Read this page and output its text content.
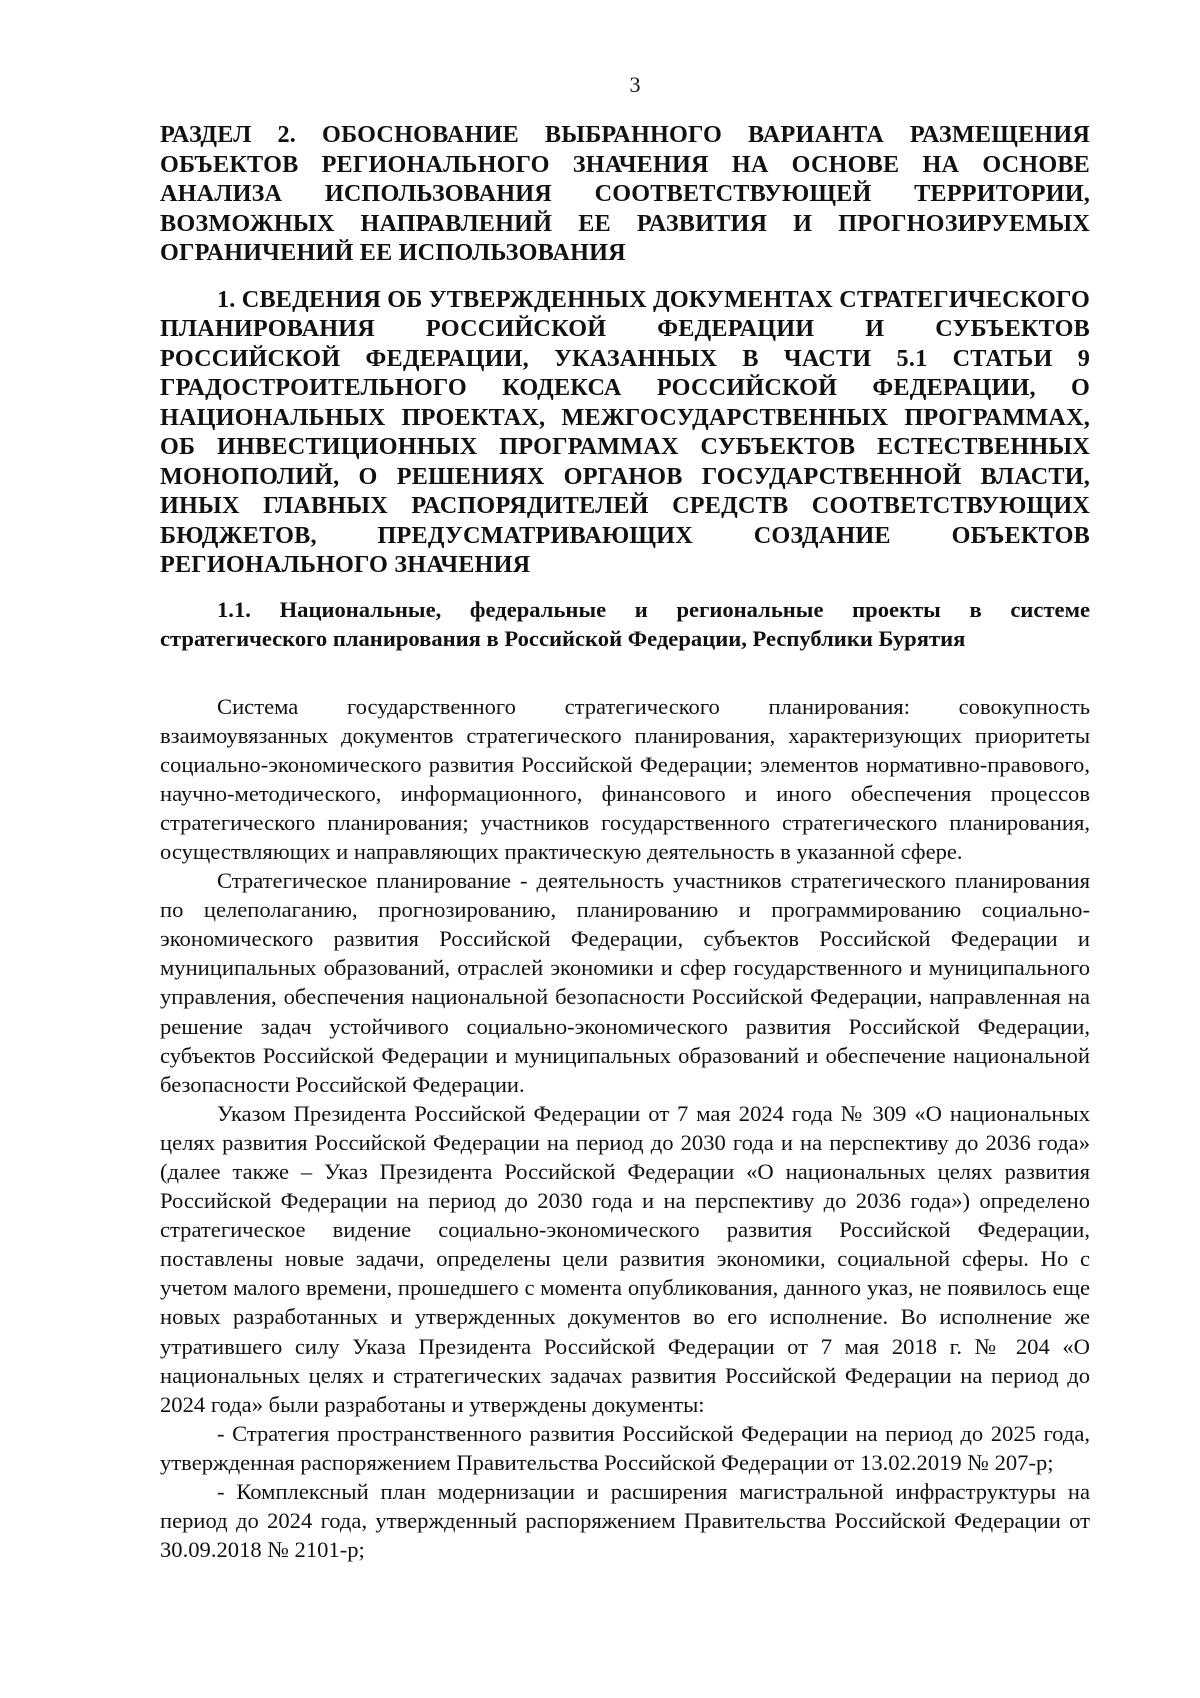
3
РАЗДЕЛ 2. ОБОСНОВАНИЕ ВЫБРАННОГО ВАРИАНТА РАЗМЕЩЕНИЯ ОБЪЕКТОВ РЕГИОНАЛЬНОГО ЗНАЧЕНИЯ НА ОСНОВЕ НА ОСНОВЕ АНАЛИЗА ИСПОЛЬЗОВАНИЯ СООТВЕТСТВУЮЩЕЙ ТЕРРИТОРИИ, ВОЗМОЖНЫХ НАПРАВЛЕНИЙ ЕЕ РАЗВИТИЯ И ПРОГНОЗИРУЕМЫХ ОГРАНИЧЕНИЙ ЕЕ ИСПОЛЬЗОВАНИЯ
1. СВЕДЕНИЯ ОБ УТВЕРЖДЕННЫХ ДОКУМЕНТАХ СТРАТЕГИЧЕСКОГО ПЛАНИРОВАНИЯ РОССИЙСКОЙ ФЕДЕРАЦИИ И СУБЪЕКТОВ РОССИЙСКОЙ ФЕДЕРАЦИИ, УКАЗАННЫХ В ЧАСТИ 5.1 СТАТЬИ 9 ГРАДОСТРОИТЕЛЬНОГО КОДЕКСА РОССИЙСКОЙ ФЕДЕРАЦИИ, О НАЦИОНАЛЬНЫХ ПРОЕКТАХ, МЕЖГОСУДАРСТВЕННЫХ ПРОГРАММАХ, ОБ ИНВЕСТИЦИОННЫХ ПРОГРАММАХ СУБЪЕКТОВ ЕСТЕСТВЕННЫХ МОНОПОЛИЙ, О РЕШЕНИЯХ ОРГАНОВ ГОСУДАРСТВЕННОЙ ВЛАСТИ, ИНЫХ ГЛАВНЫХ РАСПОРЯДИТЕЛЕЙ СРЕДСТВ СООТВЕТСТВУЮЩИХ БЮДЖЕТОВ, ПРЕДУСМАТРИВАЮЩИХ СОЗДАНИЕ ОБЪЕКТОВ РЕГИОНАЛЬНОГО ЗНАЧЕНИЯ
1.1. Национальные, федеральные и региональные проекты в системе стратегического планирования в Российской Федерации, Республики Бурятия

Система государственного стратегического планирования: совокупность взаимоувязанных документов стратегического планирования, характеризующих приоритеты социально-экономического развития Российской Федерации; элементов нормативно-правового, научно-методического, информационного, финансового и иного обеспечения процессов стратегического планирования; участников государственного стратегического планирования, осуществляющих и направляющих практическую деятельность в указанной сфере.

Стратегическое планирование - деятельность участников стратегического планирования по целеполаганию, прогнозированию, планированию и программированию социально-экономического развития Российской Федерации, субъектов Российской Федерации и муниципальных образований, отраслей экономики и сфер государственного и муниципального управления, обеспечения национальной безопасности Российской Федерации, направленная на решение задач устойчивого социально-экономического развития Российской Федерации, субъектов Российской Федерации и муниципальных образований и обеспечение национальной безопасности Российской Федерации.

Указом Президента Российской Федерации от 7 мая 2024 года № 309 «О национальных целях развития Российской Федерации на период до 2030 года и на перспективу до 2036 года» (далее также – Указ Президента Российской Федерации «О национальных целях развития Российской Федерации на период до 2030 года и на перспективу до 2036 года») определено стратегическое видение социально-экономического развития Российской Федерации, поставлены новые задачи, определены цели развития экономики, социальной сферы. Но с учетом малого времени, прошедшего с момента опубликования, данного указ, не появилось еще новых разработанных и утвержденных документов во его исполнение. Во исполнение же утратившего силу Указа Президента Российской Федерации от 7 мая 2018 г. № 204 «О национальных целях и стратегических задачах развития Российской Федерации на период до 2024 года» были разработаны и утверждены документы:

- Стратегия пространственного развития Российской Федерации на период до 2025 года, утвержденная распоряжением Правительства Российской Федерации от 13.02.2019 № 207-р;

- Комплексный план модернизации и расширения магистральной инфраструктуры на период до 2024 года, утвержденный распоряжением Правительства Российской Федерации от 30.09.2018 № 2101-р;
